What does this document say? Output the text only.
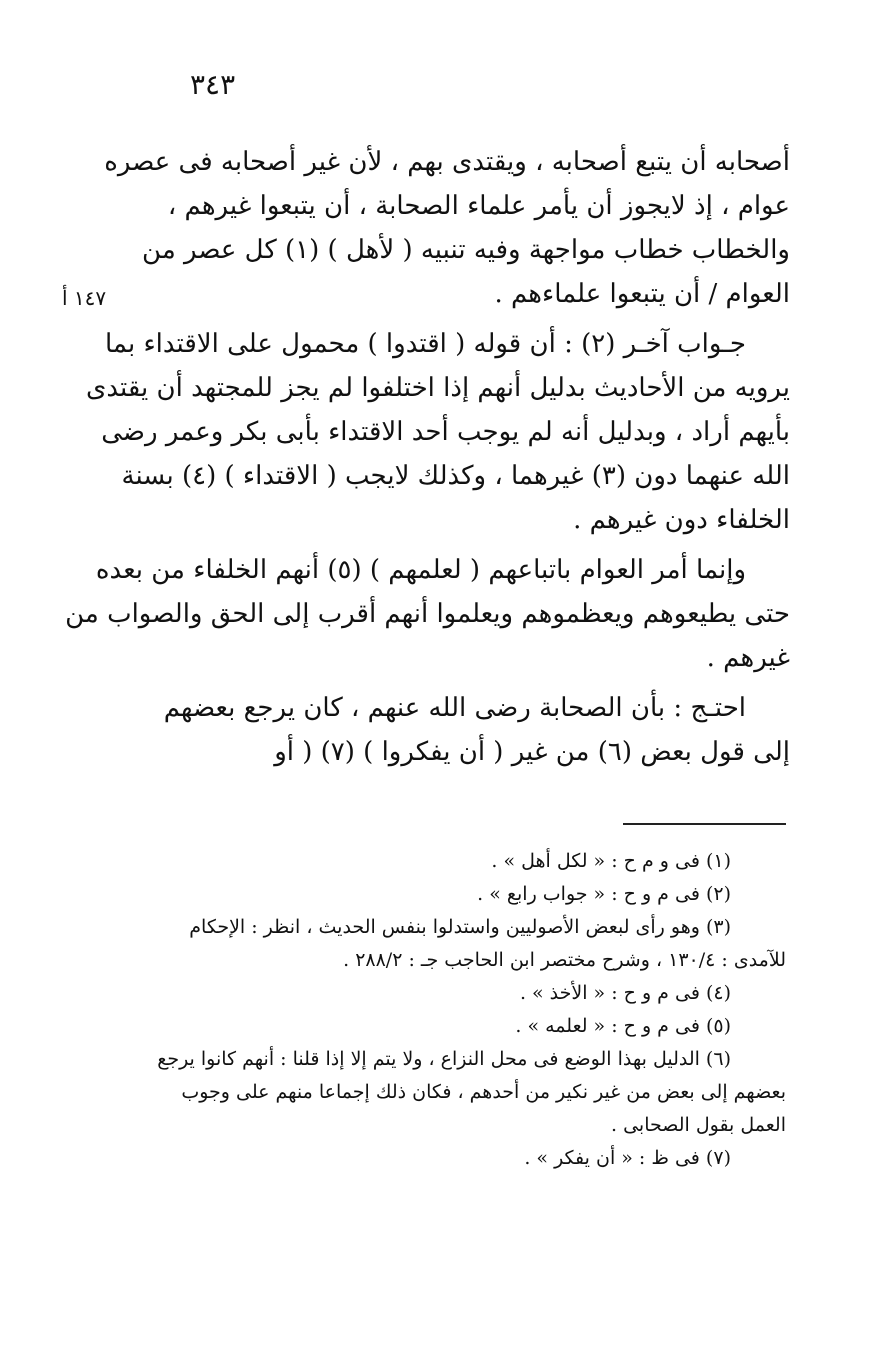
٣٤٣
١٤٧ أ
أصحابه أن يتبع أصحابه ، ويقتدى بهم ، لأن غير أصحابه فى عصره
عوام ، إذ لايجوز أن يأمر علماء الصحابة ، أن يتبعوا غيرهم ،
والخطاب خطاب مواجهة وفيه تنبيه ( لأهل ) (١) كل عصر من
العوام / أن يتبعوا علماءهم .
جـواب آخـر (٢) : أن قوله ( اقتدوا ) محمول على الاقتداء بما
يرويه من الأحاديث بدليل أنهم إذا اختلفوا لم يجز للمجتهد أن يقتدى
بأيهم أراد ، وبدليل أنه لم يوجب أحد الاقتداء بأبى بكر وعمر رضى
الله عنهما دون (٣) غيرهما ، وكذلك لايجب ( الاقتداء ) (٤) بسنة
الخلفاء دون غيرهم .
وإنما أمر العوام باتباعهم ( لعلمهم ) (٥) أنهم الخلفاء من بعده
حتى يطيعوهم ويعظموهم ويعلموا أنهم أقرب إلى الحق والصواب من
غيرهم .
احتـج : بأن الصحابة رضى الله عنهم ، كان يرجع بعضهم
إلى قول بعض (٦) من غير ( أن يفكروا ) (٧) ( أو
(١) فى و م ح : « لكل أهل » .
(٢) فى م و ح : « جواب رابع » .
(٣) وهو رأى لبعض الأصوليين واستدلوا بنفس الحديث ، انظر : الإحكام
للآمدى : ١٣٠/٤ ، وشرح مختصر ابن الحاجب جـ : ٢٨٨/٢ .
(٤) فى م و ح : « الأخذ » .
(٥) فى م و ح : « لعلمه » .
(٦) الدليل بهذا الوضع فى محل النزاع ، ولا يتم إلا إذا قلنا : أنهم كانوا يرجع
بعضهم إلى بعض من غير نكير من أحدهم ، فكان ذلك إجماعا منهم على وجوب
العمل بقول الصحابى .
(٧) فى ظ : « أن يفكر » .
